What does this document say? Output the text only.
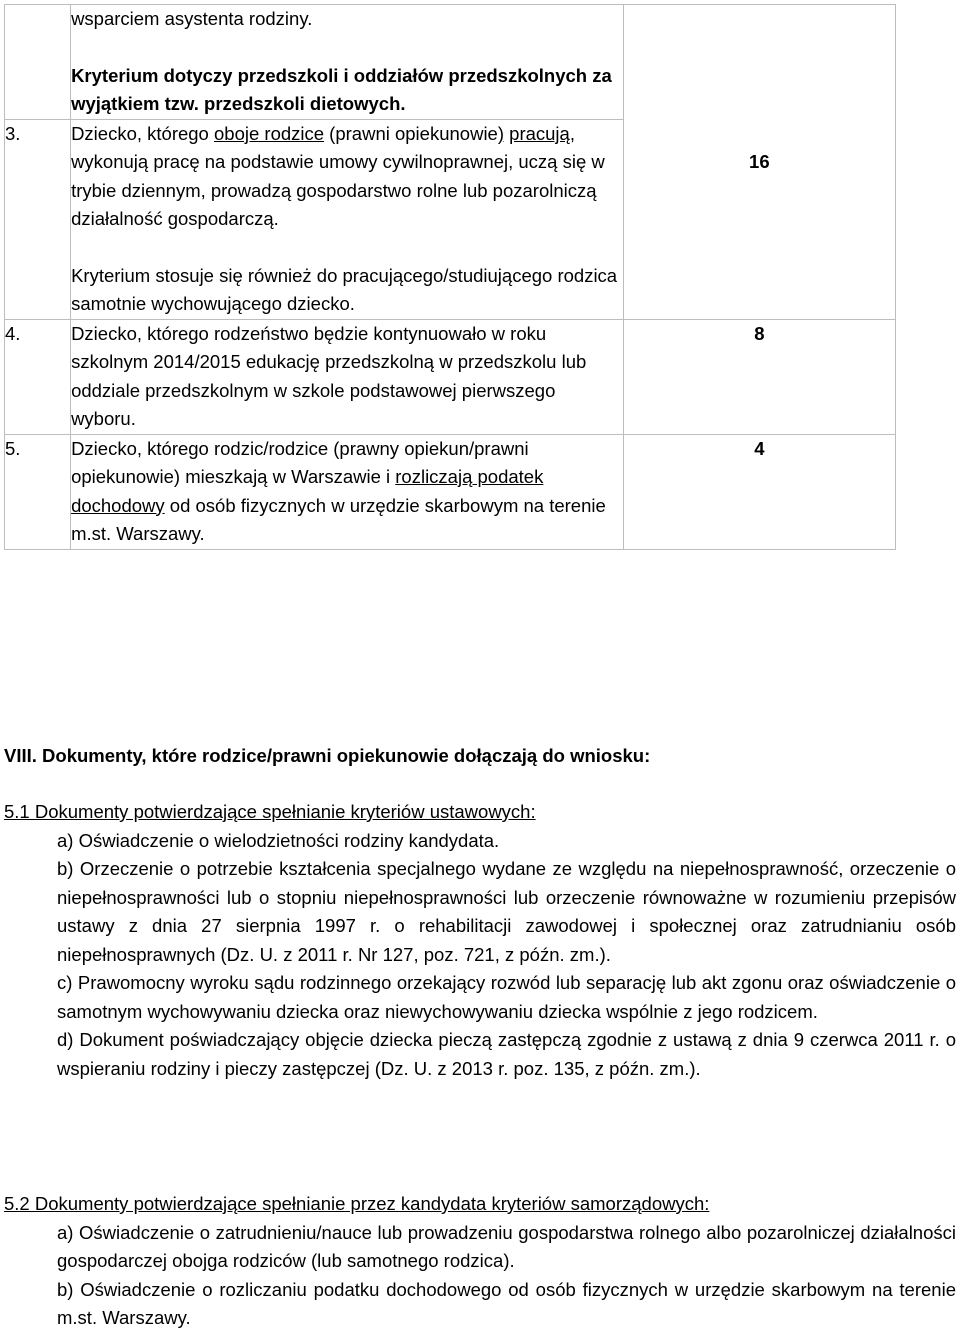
	wsparciem asystenta rodziny.

Kryterium dotyczy przedszkoli i oddziałów przedszkolnych za wyjątkiem tzw. przedszkoli dietowych.	16
3.	Dziecko, którego oboje rodzice (prawni opiekunowie) pracują, wykonują pracę na podstawie umowy cywilnoprawnej, uczą się w trybie dziennym, prowadzą gospodarstwo rolne lub pozarolniczą działalność gospodarczą.

Kryterium stosuje się również do pracującego/studiującego rodzica samotnie wychowującego dziecko.	

4.	Dziecko, którego rodzeństwo będzie kontynuowało w roku szkolnym 2014/2015 edukację przedszkolną w przedszkolu lub oddziale przedszkolnym w szkole podstawowej pierwszego wyboru.	8
5.	Dziecko, którego rodzic/rodzice (prawny opiekun/prawni opiekunowie) mieszkają w Warszawie i rozliczają podatek dochodowy od osób fizycznych w urzędzie skarbowym na terenie m.st. Warszawy.	4

VIII. Dokumenty, które rodzice/prawni opiekunowie dołączają do wniosku:

5.1 Dokumenty potwierdzające spełnianie kryteriów ustawowych:

a) Oświadczenie o wielodzietności rodziny kandydata.

b) Orzeczenie o potrzebie kształcenia specjalnego wydane ze względu na niepełnosprawność, orzeczenie o niepełnosprawności lub o stopniu niepełnosprawności lub orzeczenie równoważne w rozumieniu przepisów ustawy z dnia 27 sierpnia 1997 r. o rehabilitacji zawodowej i społecznej oraz zatrudnianiu osób niepełnosprawnych (Dz. U. z 2011 r. Nr 127, poz. 721, z późn. zm.).

c) Prawomocny wyroku sądu rodzinnego orzekający rozwód lub separację lub akt zgonu oraz oświadczenie o samotnym wychowywaniu dziecka oraz niewychowywaniu dziecka wspólnie z jego rodzicem.

d) Dokument poświadczający objęcie dziecka pieczą zastępczą zgodnie z ustawą z dnia 9 czerwca 2011 r. o wspieraniu rodziny i pieczy zastępczej (Dz. U. z 2013 r. poz. 135, z późn. zm.).

5.2 Dokumenty potwierdzające spełnianie przez kandydata kryteriów samorządowych:

a) Oświadczenie o zatrudnieniu/nauce lub prowadzeniu gospodarstwa rolnego albo pozarolniczej działalności gospodarczej obojga rodziców (lub samotnego rodzica).

b) Oświadczenie o rozliczaniu podatku dochodowego od osób fizycznych w urzędzie skarbowym na terenie m.st. Warszawy.
